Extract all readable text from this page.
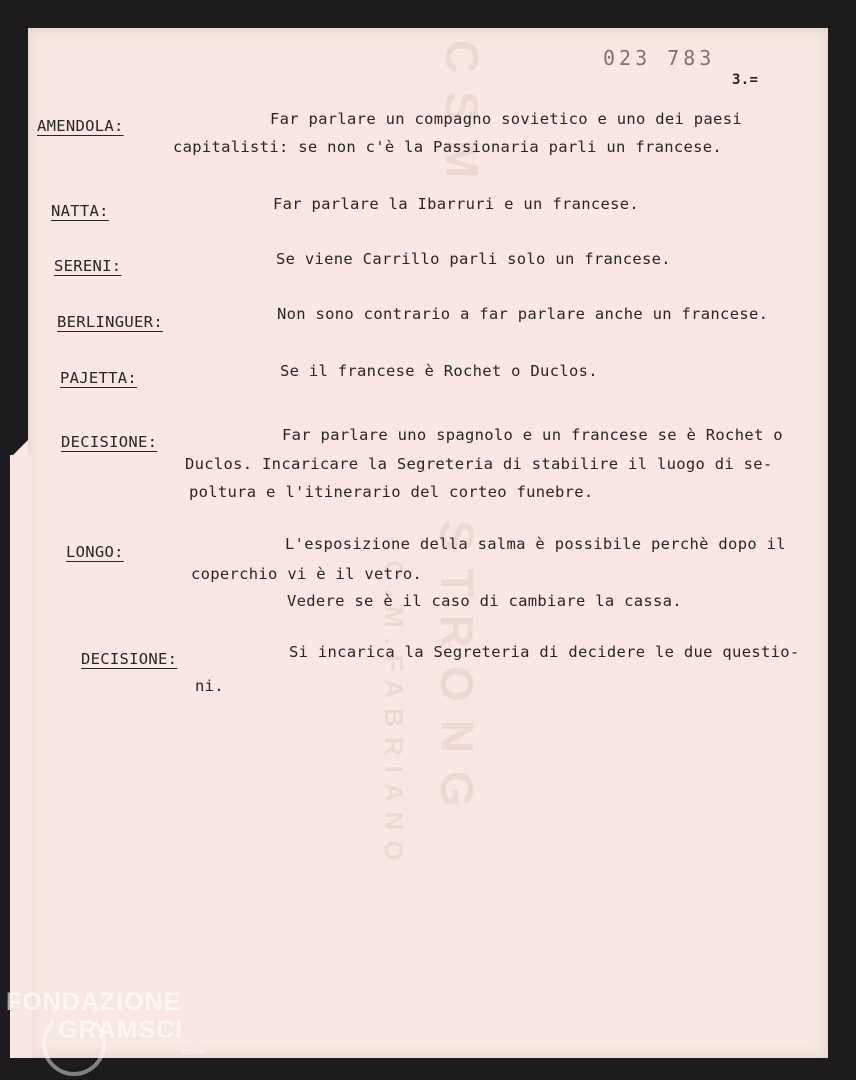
CSM
STRONG
C.M.FABRIANO
023 783
3.=
AMENDOLA:	Far parlare un compagno sovietico e uno dei paesi
capitalisti: se non c'è la Passionaria parli un francese.
NATTA:	Far parlare la Ibarruri e un francese.
SERENI:	Se viene Carrillo parli solo un francese.
BERLINGUER:	Non sono contrario a far parlare anche un francese.
PAJETTA:	Se il francese è Rochet o Duclos.
DECISIONE:	Far parlare uno spagnolo e un francese se è Rochet o
Duclos. Incaricare la Segreteria di stabilire il luogo di se-
poltura e l'itinerario del corteo funebre.
LONGO:	L'esposizione della salma è possibile perchè dopo il
coperchio vi è il vetro.
Vedere se è il caso di cambiare la cassa.
DECISIONE:	Si incarica la Segreteria di decidere le due questio-
ni.
FONDAZIONE
GRAMSCI
onlus
